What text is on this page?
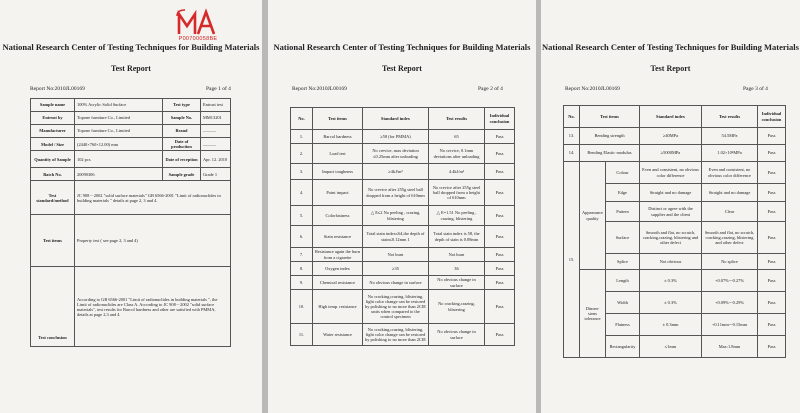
P00700058BE
National Research Center of Testing Techniques for Building Materials
Test Report
Report No:2010JL00169	Page 1 of 4
Sample name	100% Acrylic Solid Surface	Test type	Entrust test
Entrust by	Topone furniture Co., Limited	Sample No.	MM13201
Manufacturer	Topone furniture Co., Limited	Brand	———
Model / Size	(2440×760×12.00) mm	Date of production	———
Quantity of Sample	102 pcs	Date of reception	Apr. 12. 2010
Batch No.	20090306	Sample grade	Grade 1
Test standard/method	JC 908－2002 "solid surface materials" GB 6566-2001 "Limit of radionuclides in building materials " details at page 2, 3 and 4.		
Test items	Property test ( see page 2, 3 and 4)		
Test conclusion	According to GB 6566-2001 "Limit of radionuclides in building materials ", the Limit of radionuclides are Class A. According to JC 908－2002 "solid surface materials", test results for Barcol hardness and other are satisfied with PMMA, details at page 2,3 and 4.		
National Research Center of Testing Techniques for Building Materials
Test Report
Report No:2010JL00169	Page 2 of 4
No.	Test items	Standard index	Test results	Individual conclusion
1.	Barcol hardness	≥58 (for PMMA)	65	Pass
2.	Load test	No crevice, max deviation ≤0.25mm after unloading	No crevice, 0.1mm deviations after unloading	Pass
3.	Impact toughness	≥4kJ/m²	4.4kJ/m²	Pass
4.	Point impact	No crevice after 255g steel ball dropped from a height of 610mm	No crevice after 255g steel ball dropped from a height of 610mm	Pass
5.	Colorfastness	△ E≤2 No peeling , crazing, blistering	△ E=1.51 No peeling , crazing, blistering	Pass
6.	Stain resistance	Total stain index≤64,the depth of stain≤0.12mm 1	Total stain index is 58, the depth of stain is 0.08mm	Pass
7.	Resistance again the burn from a cigarette	Not burn	Not burn	Pass
8.	Oxygen index	≥35	36	Pass
9.	Chemical resistance	No obvious change in surface	No obvious change in surface	Pass
10.	High temp. resistance	No cracking,crazing, blistering, light color change can be restored by polishing to no more than 2CIE units when compared to the control specimen	No cracking,crazing, blistering	Pass
11.	Water resistance	No cracking,crazing, blistering, light color change can be restored by polishing to no more than 2CIE	No obvious change in surface	Pass
National Research Center of Testing Techniques for Building Materials
Test Report
Report No:2010JL00169	Page 3 of 4
No.	Test items		Standard index	Test results	Individual conclusion
13.	Bending strength		≥40MPa	54.5MPa	Pass
14.	Bending Elastic modulus		≥5000MPa	1.02×10⁴MPa	Pass
15.	Appearance quality	Colour	Even and consistent, no obvious color difference	Even and consistent, no obvious color difference	Pass
		Edge	Straight and no damage	Straight and no damage	Pass
		Pattern	Distinct or agree with the supplier and the client	Clear	Pass
		Surface	Smooth and flat, no scratch, cracking,crazing, blistering and other defect	Smooth and flat, no scratch, cracking,crazing, blistering and other defect	Pass
		Splice	Not obvious	No splice	Pass
	Dimen-sions tolerance	Length	± 0.3%	+0.07%~-0.27%	Pass
		Width	± 0.3%	+0.09%~-0.29%	Pass
		Flatness	± 0.3mm	+0.11mm~-0.15mm	Pass
		Rectangularity	≤1mm	Max:1.8mm	Pass
